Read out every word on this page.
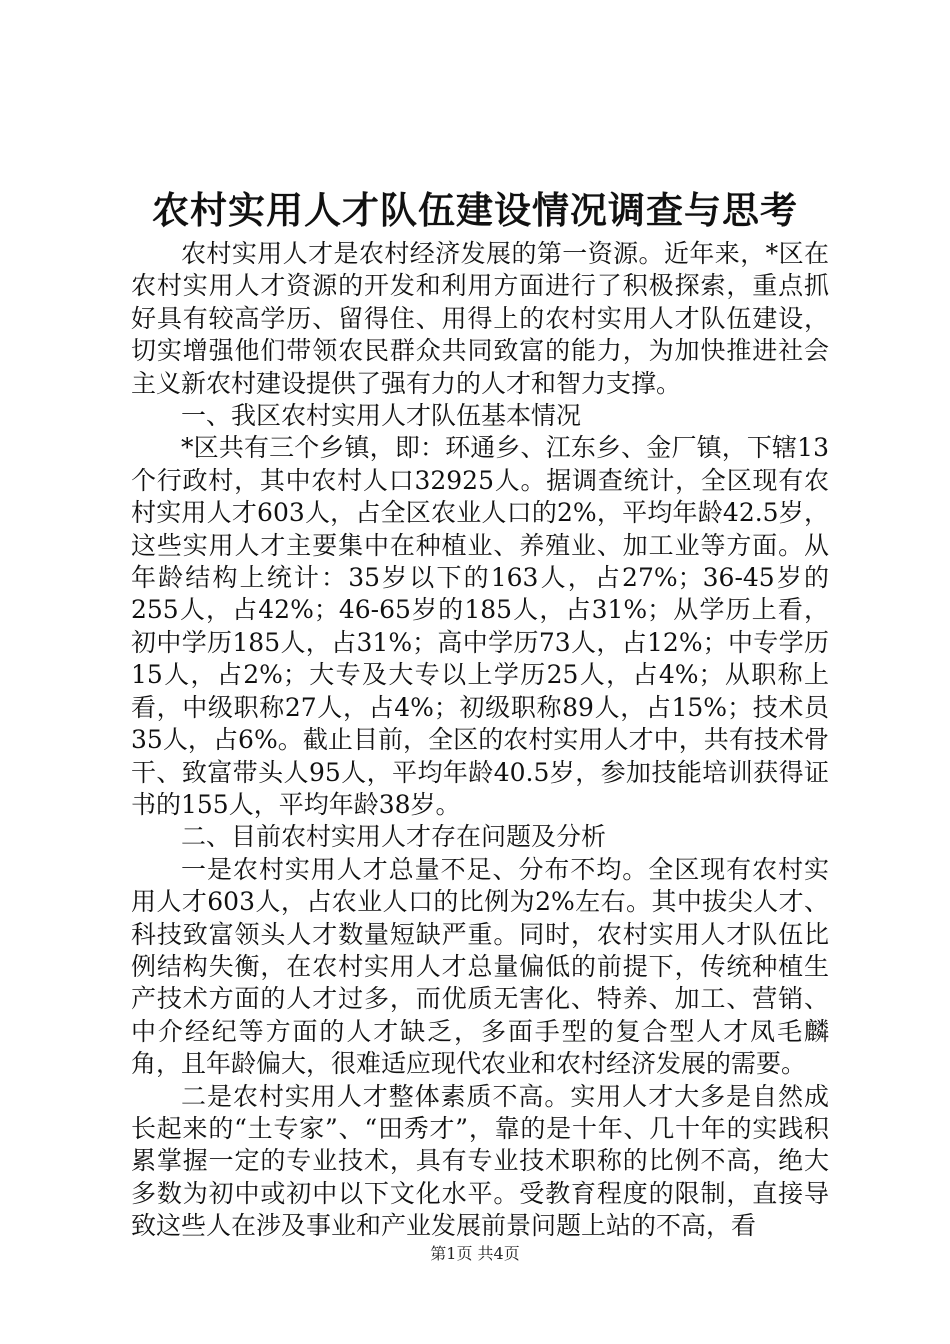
农村实用人才队伍建设情况调查与思考

农村实用人才是农村经济发展的第一资源。近年来，*区在农村实用人才资源的开发和利用方面进行了积极探索，重点抓好具有较高学历、留得住、用得上的农村实用人才队伍建设，切实增强他们带领农民群众共同致富的能力，为加快推进社会主义新农村建设提供了强有力的人才和智力支撑。

一、我区农村实用人才队伍基本情况

*区共有三个乡镇，即：环通乡、江东乡、金厂镇，下辖13个行政村，其中农村人口32925人。据调查统计，全区现有农村实用人才603人，占全区农业人口的2%，平均年龄42.5岁，这些实用人才主要集中在种植业、养殖业、加工业等方面。从年龄结构上统计：35岁以下的163人，占27%；36-45岁的255人，占42%；46-65岁的185人，占31%；从学历上看，初中学历185人，占31%；高中学历73人，占12%；中专学历15人，占2%；大专及大专以上学历25人，占4%；从职称上看，中级职称27人，占4%；初级职称89人，占15%；技术员35人，占6%。截止目前，全区的农村实用人才中，共有技术骨干、致富带头人95人，平均年龄40.5岁，参加技能培训获得证书的155人，平均年龄38岁。

二、目前农村实用人才存在问题及分析

一是农村实用人才总量不足、分布不均。全区现有农村实用人才603人，占农业人口的比例为2%左右。其中拔尖人才、科技致富领头人才数量短缺严重。同时，农村实用人才队伍比例结构失衡，在农村实用人才总量偏低的前提下，传统种植生产技术方面的人才过多，而优质无害化、特养、加工、营销、中介经纪等方面的人才缺乏，多面手型的复合型人才凤毛麟角，且年龄偏大，很难适应现代农业和农村经济发展的需要。

二是农村实用人才整体素质不高。实用人才大多是自然成长起来的“土专家”、“田秀才”，靠的是十年、几十年的实践积累掌握一定的专业技术，具有专业技术职称的比例不高，绝大多数为初中或初中以下文化水平。受教育程度的限制，直接导致这些人在涉及事业和产业发展前景问题上站的不高，看

第1页 共4页
